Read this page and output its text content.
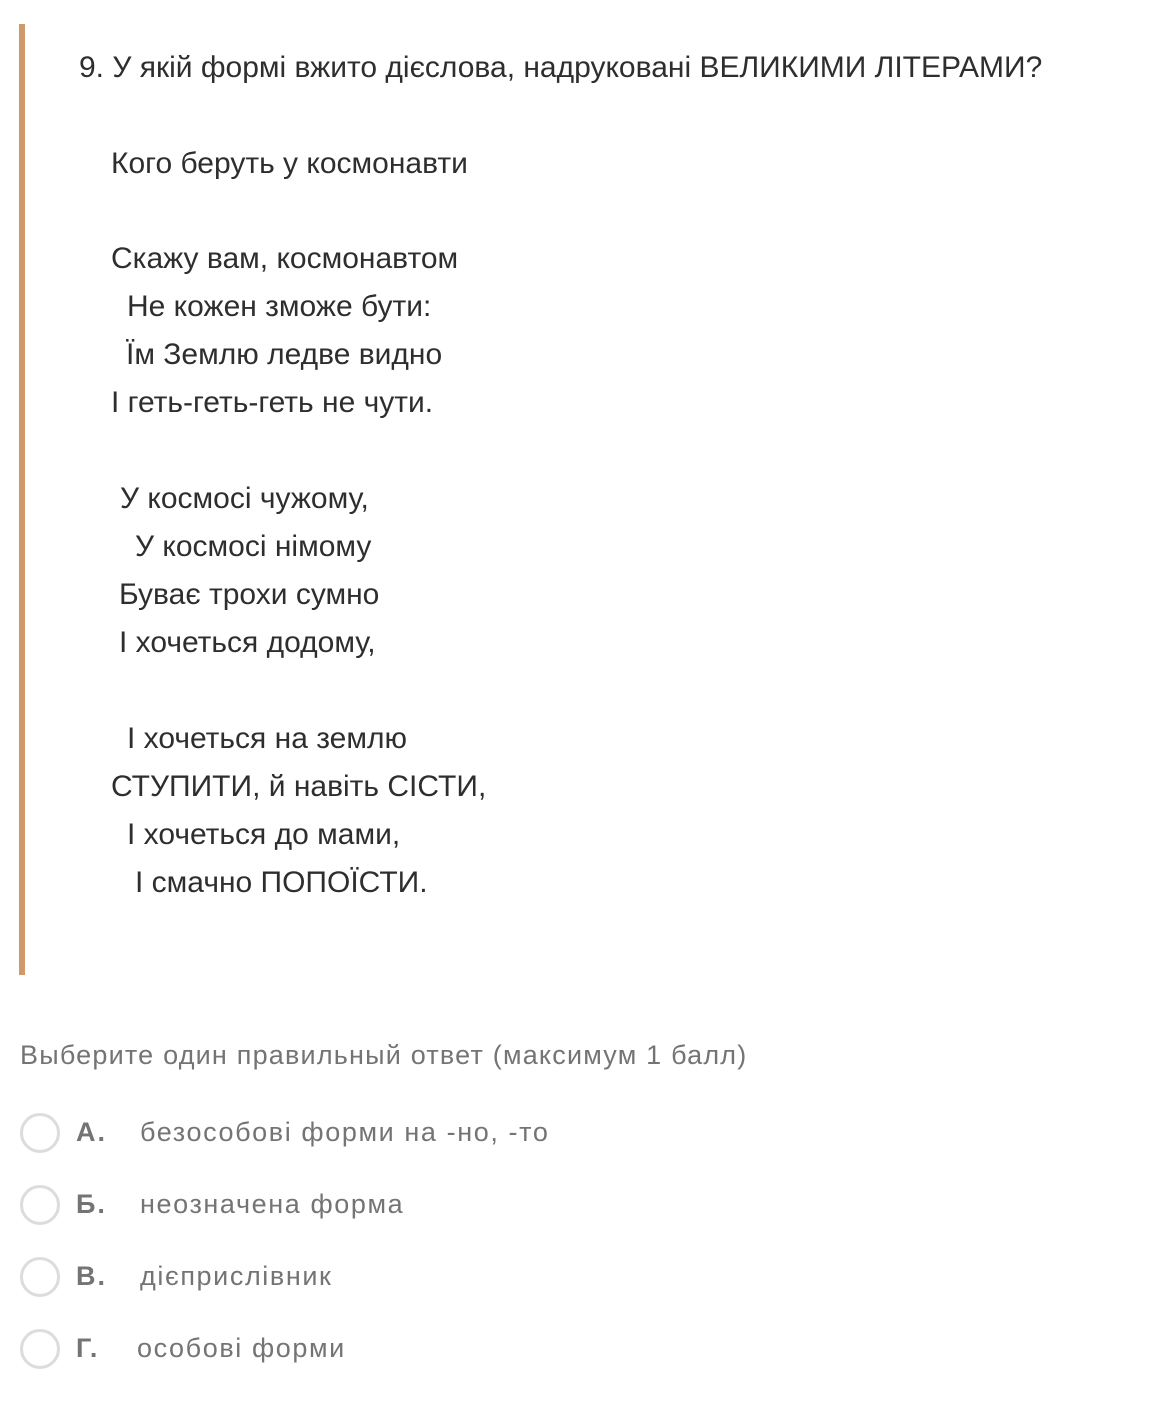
9. У якій формі вжито дієслова, надруковані ВЕЛИКИМИ ЛІТЕРАМИ?
Кого беруть у космонавти
Скажу вам, космонавтом
Не кожен зможе бути:
Їм Землю ледве видно
І геть-геть-геть не чути.
У космосі чужому,
У космосі німому
Буває трохи сумно
І хочеться додому,
І хочеться на землю
СТУПИТИ, й навіть СІСТИ,
І хочеться до мами,
І смачно ПОПОЇСТИ.
Выберите один правильный ответ (максимум 1 балл)
А. безособові форми на -но, -то
Б. неозначена форма
В. дієприслівник
Г. особові форми
